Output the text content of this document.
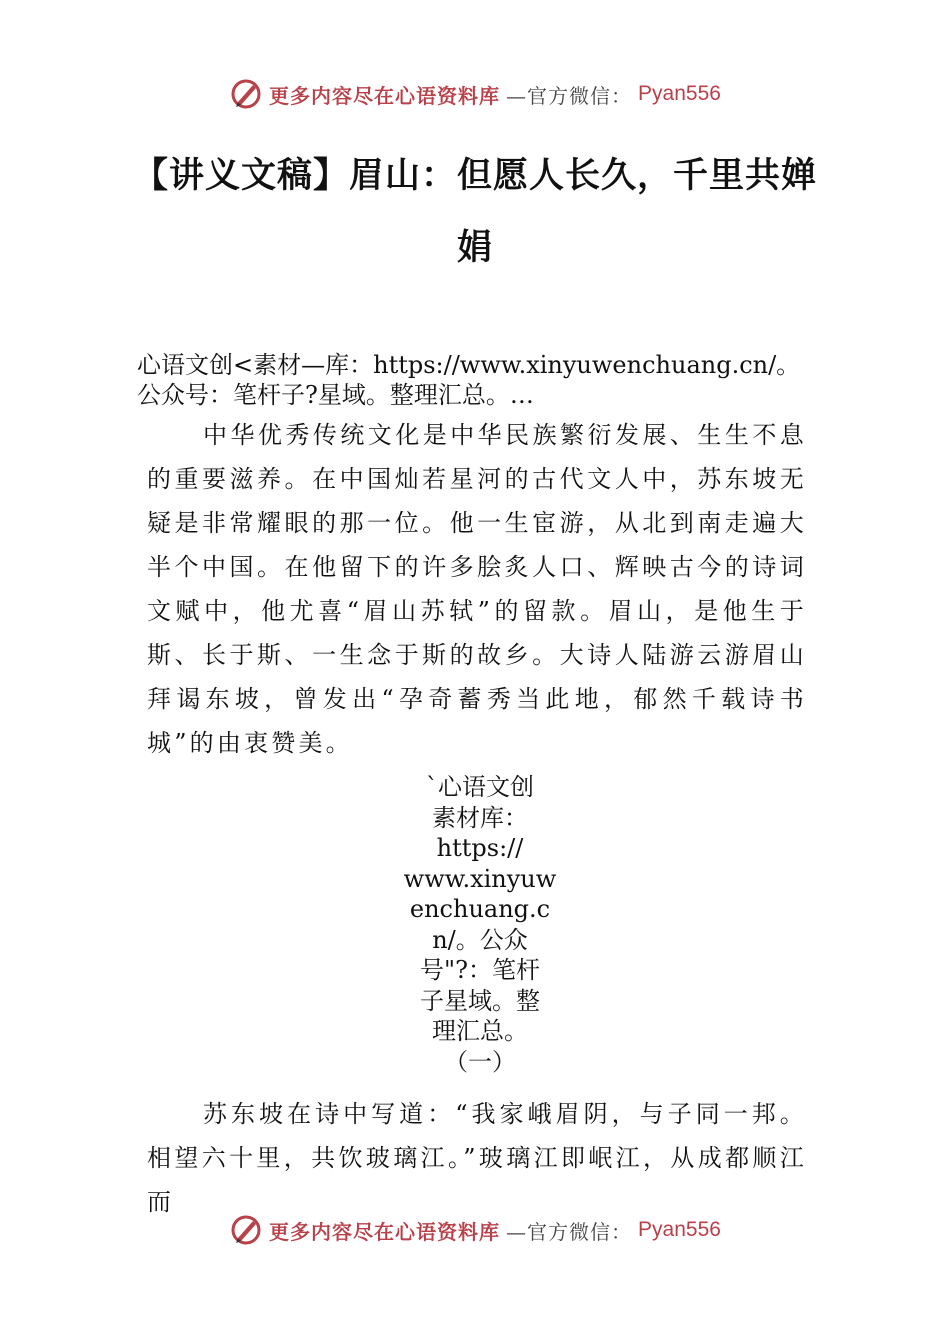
更多内容尽在心语资料库 —官方微信： Pyan556
【讲义文稿】眉山：但愿人长久，千里共婵
娟
心语文创<素材—库：https://www.xinyuwenchuang.cn/。
公众号：笔杆子?星域。整理汇总。…
中华优秀传统文化是中华民族繁衍发展、生生不息的重要滋养。在中国灿若星河的古代文人中，苏东坡无疑是非常耀眼的那一位。他一生宦游，从北到南走遍大半个中国。在他留下的许多脍炙人口、辉映古今的诗词文赋中，他尤喜“眉山苏轼”的留款。眉山，是他生于斯、长于斯、一生念于斯的故乡。大诗人陆游云游眉山拜谒东坡，曾发出“孕奇蓄秀当此地，郁然千载诗书城”的由衷赞美。
`心语文创
素材库：
https://
www.xinyuw
enchuang.c
n/。公众
号"?：笔杆
子星域。整
理汇总。
（一）
苏东坡在诗中写道：“我家峨眉阴，与子同一邦。相望六十里，共饮玻璃江。”玻璃江即岷江，从成都顺江而
更多内容尽在心语资料库 —官方微信： Pyan556
